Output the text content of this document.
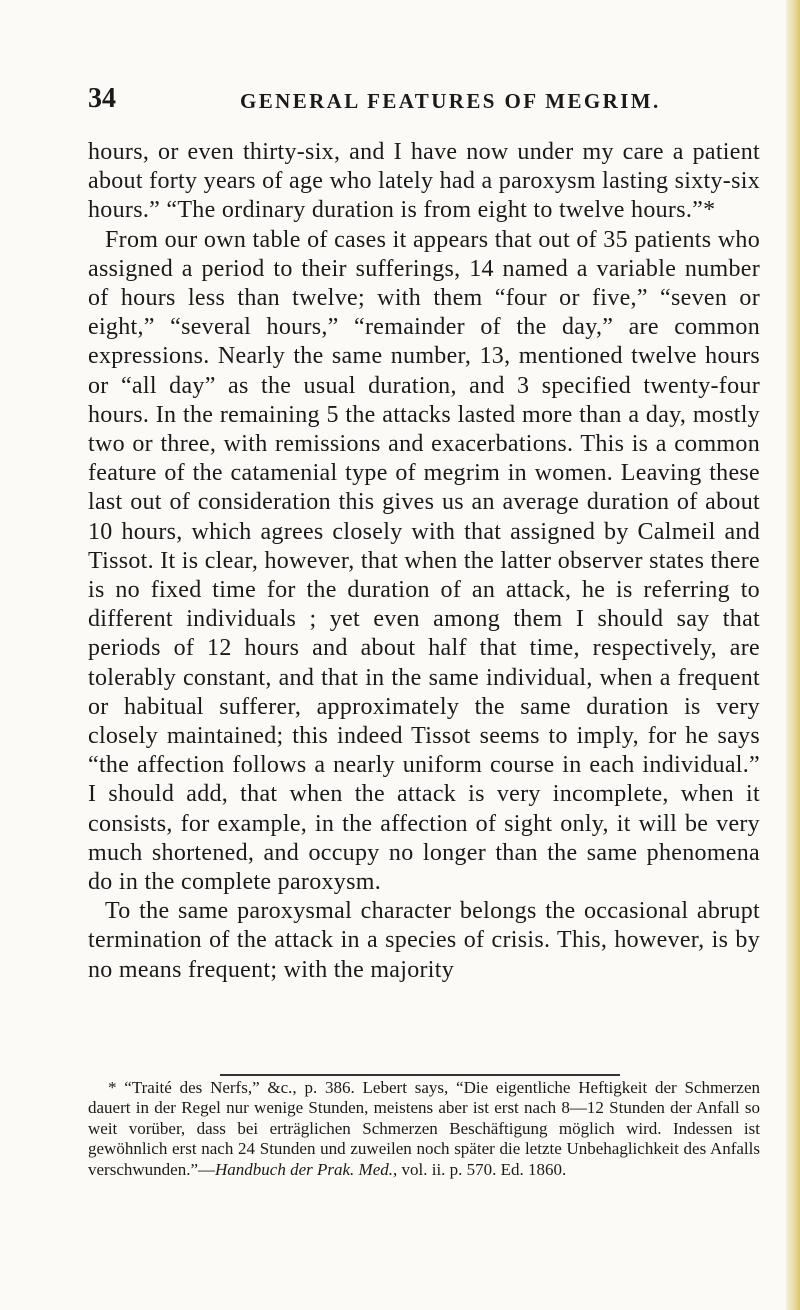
34	GENERAL FEATURES OF MEGRIM.

hours, or even thirty-six, and I have now under my care a patient about forty years of age who lately had a paroxysm lasting sixty-six hours.” “The ordinary duration is from eight to twelve hours.”*

From our own table of cases it appears that out of 35 patients who assigned a period to their sufferings, 14 named a variable number of hours less than twelve; with them “four or five,” “seven or eight,” “several hours,” “remainder of the day,” are common expressions. Nearly the same number, 13, mentioned twelve hours or “all day” as the usual duration, and 3 specified twenty-four hours. In the remaining 5 the attacks lasted more than a day, mostly two or three, with remissions and exacerbations. This is a common feature of the catamenial type of megrim in women. Leaving these last out of consideration this gives us an average duration of about 10 hours, which agrees closely with that assigned by Calmeil and Tissot. It is clear, however, that when the latter observer states there is no fixed time for the duration of an attack, he is referring to different individuals ; yet even among them I should say that periods of 12 hours and about half that time, respectively, are tolerably constant, and that in the same individual, when a frequent or habitual sufferer, approximately the same duration is very closely maintained; this indeed Tissot seems to imply, for he says “the affection follows a nearly uniform course in each individual.” I should add, that when the attack is very incomplete, when it consists, for example, in the affection of sight only, it will be very much shortened, and occupy no longer than the same phenomena do in the complete paroxysm.

To the same paroxysmal character belongs the occasional abrupt termination of the attack in a species of crisis. This, however, is by no means frequent; with the majority

* “Traité des Nerfs,” &c., p. 386. Lebert says, “Die eigentliche Heftigkeit der Schmerzen dauert in der Regel nur wenige Stunden, meistens aber ist erst nach 8—12 Stunden der Anfall so weit vorüber, dass bei erträglichen Schmerzen Beschäftigung möglich wird. Indessen ist gewöhnlich erst nach 24 Stunden und zuweilen noch später die letzte Unbehaglichkeit des Anfalls verschwunden.”—Handbuch der Prak. Med., vol. ii. p. 570. Ed. 1860.
